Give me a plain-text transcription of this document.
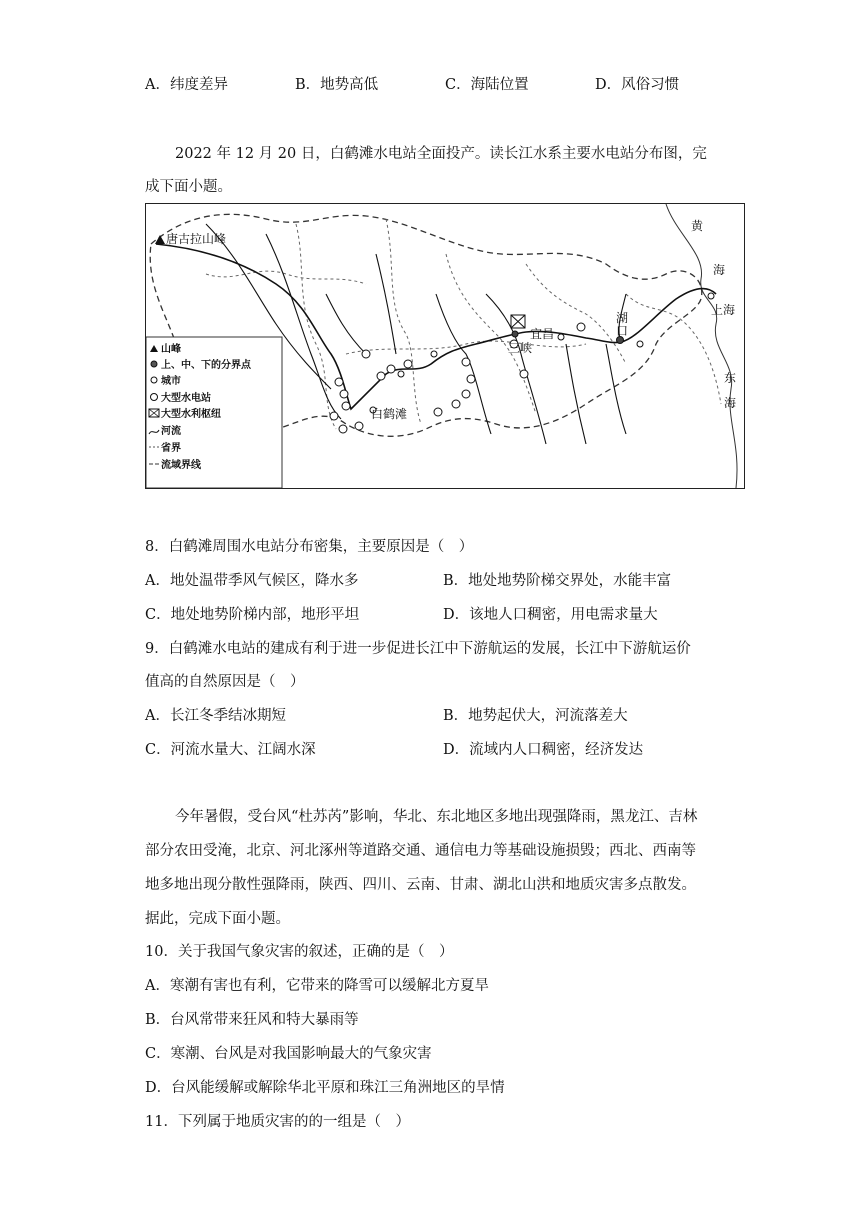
A．纬度差异	B．地势高低	C．海陆位置	D．风俗习惯
2022 年 12 月 20 日，白鹤滩水电站全面投产。读长江水系主要水电站分布图，完
成下面小题。
唐古拉山峰
黄
海
上海
东
海
湖
口
宜昌
三峡
白鹤滩
山峰
上、中、下的分界点
城市
大型水电站
大型水利枢纽
河流
省界
流域界线
8．白鹤滩周围水电站分布密集，主要原因是（　）
A．地处温带季风气候区，降水多	B．地处地势阶梯交界处，水能丰富
C．地处地势阶梯内部，地形平坦	D．该地人口稠密，用电需求量大
9．白鹤滩水电站的建成有利于进一步促进长江中下游航运的发展，长江中下游航运价
值高的自然原因是（　）
A．长江冬季结冰期短	B．地势起伏大，河流落差大
C．河流水量大、江阔水深	D．流域内人口稠密，经济发达
今年暑假，受台风“杜苏芮”影响，华北、东北地区多地出现强降雨，黑龙江、吉林
部分农田受淹，北京、河北涿州等道路交通、通信电力等基础设施损毁；西北、西南等
地多地出现分散性强降雨，陕西、四川、云南、甘肃、湖北山洪和地质灾害多点散发。
据此，完成下面小题。
10．关于我国气象灾害的叙述，正确的是（　）
A．寒潮有害也有利，它带来的降雪可以缓解北方夏旱
B．台风常带来狂风和特大暴雨等
C．寒潮、台风是对我国影响最大的气象灾害
D．台风能缓解或解除华北平原和珠江三角洲地区的旱情
11．下列属于地质灾害的的一组是（　）
